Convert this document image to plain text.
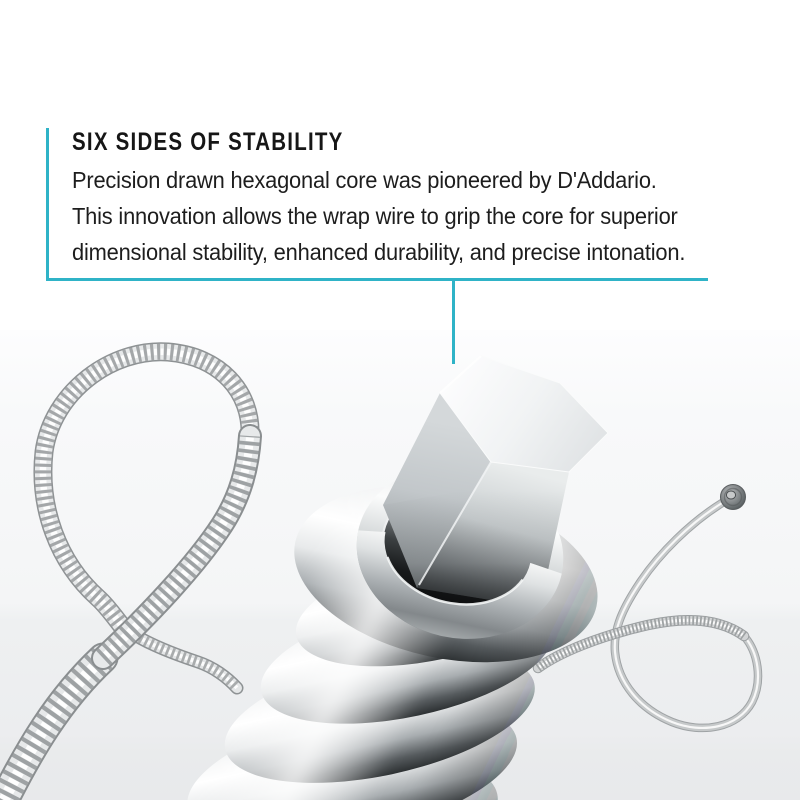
SIX SIDES OF STABILITY
Precision drawn hexagonal core was pioneered by D'Addario.
This innovation allows the wrap wire to grip the core for superior
dimensional stability, enhanced durability, and precise intonation.
